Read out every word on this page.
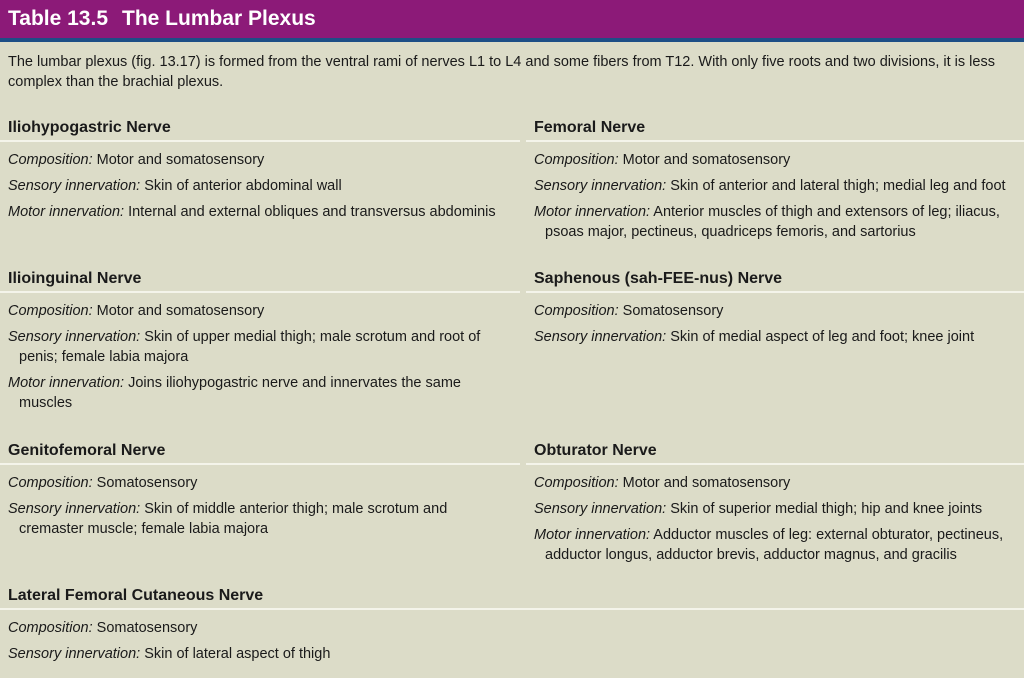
Table 13.5 The Lumbar Plexus
The lumbar plexus (fig. 13.17) is formed from the ventral rami of nerves L1 to L4 and some fibers from T12. With only five roots and two divisions, it is less complex than the brachial plexus.
Iliohypogastric Nerve
Composition: Motor and somatosensory
Sensory innervation: Skin of anterior abdominal wall
Motor innervation: Internal and external obliques and transversus abdominis
Femoral Nerve
Composition: Motor and somatosensory
Sensory innervation: Skin of anterior and lateral thigh; medial leg and foot
Motor innervation: Anterior muscles of thigh and extensors of leg; iliacus, psoas major, pectineus, quadriceps femoris, and sartorius
Ilioinguinal Nerve
Composition: Motor and somatosensory
Sensory innervation: Skin of upper medial thigh; male scrotum and root of penis; female labia majora
Motor innervation: Joins iliohypogastric nerve and innervates the same muscles
Saphenous (sah-FEE-nus) Nerve
Composition: Somatosensory
Sensory innervation: Skin of medial aspect of leg and foot; knee joint
Genitofemoral Nerve
Composition: Somatosensory
Sensory innervation: Skin of middle anterior thigh; male scrotum and cremaster muscle; female labia majora
Obturator Nerve
Composition: Motor and somatosensory
Sensory innervation: Skin of superior medial thigh; hip and knee joints
Motor innervation: Adductor muscles of leg: external obturator, pectineus, adductor longus, adductor brevis, adductor magnus, and gracilis
Lateral Femoral Cutaneous Nerve
Composition: Somatosensory
Sensory innervation: Skin of lateral aspect of thigh
